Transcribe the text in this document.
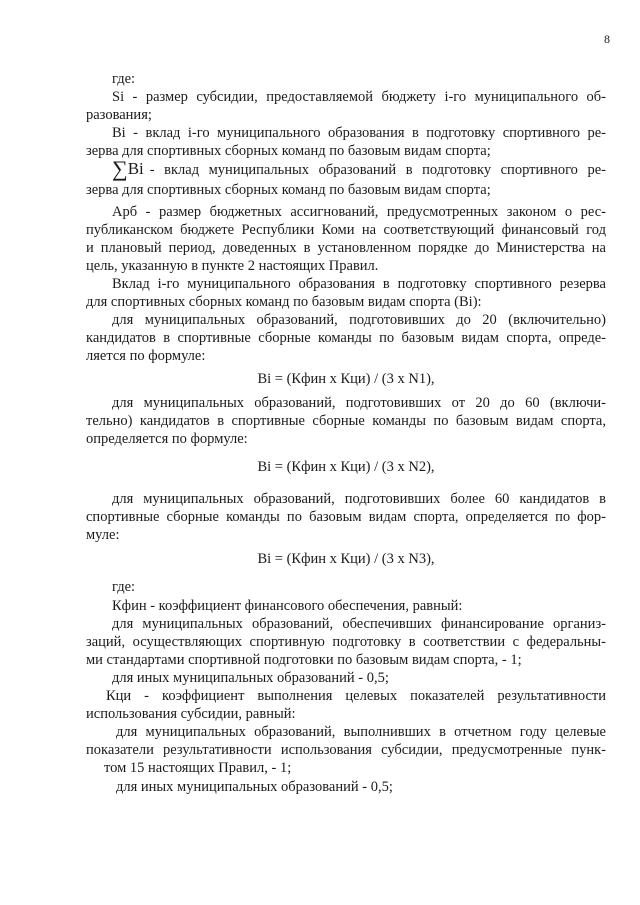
8
где:
Si - размер субсидии, предоставляемой бюджету i-го муниципального об-
разования;
Bi - вклад i-го муниципального образования в подготовку спортивного ре-
зерва для спортивных сборных команд по базовым видам спорта;
∑Bi - вклад муниципальных образований в подготовку спортивного ре-
зерва для спортивных сборных команд по базовым видам спорта;
Арб - размер бюджетных ассигнований, предусмотренных законом о рес-
публиканском бюджете Республики Коми на соответствующий финансовый год
и плановый период, доведенных в установленном порядке до Министерства на
цель, указанную в пункте 2 настоящих Правил.
Вклад i-го муниципального образования в подготовку спортивного резерва
для спортивных сборных команд по базовым видам спорта (Bi):
для муниципальных образований, подготовивших до 20 (включительно)
кандидатов в спортивные сборные команды по базовым видам спорта, опреде-
ляется по формуле:
Bi = (Кфин х Кци) / (3 х N1),
для муниципальных образований, подготовивших от 20 до 60 (включи-
тельно) кандидатов в спортивные сборные команды по базовым видам спорта,
определяется по формуле:
Bi = (Кфин х Кци) / (3 х N2),
для муниципальных образований, подготовивших более 60 кандидатов в
спортивные сборные команды по базовым видам спорта, определяется по фор-
муле:
Bi = (Кфин х Кци) / (3 х N3),
где:
Кфин - коэффициент финансового обеспечения, равный:
для муниципальных образований, обеспечивших финансирование организ-
заций, осуществляющих спортивную подготовку в соответствии с федеральны-
ми стандартами спортивной подготовки по базовым видам спорта, - 1;
для иных муниципальных образований - 0,5;
Кци - коэффициент выполнения целевых показателей результативности
использования субсидии, равный:
для муниципальных образований, выполнивших в отчетном году целевые
показатели результативности использования субсидии, предусмотренные пунк-
том 15 настоящих Правил, - 1;
для иных муниципальных образований - 0,5;
